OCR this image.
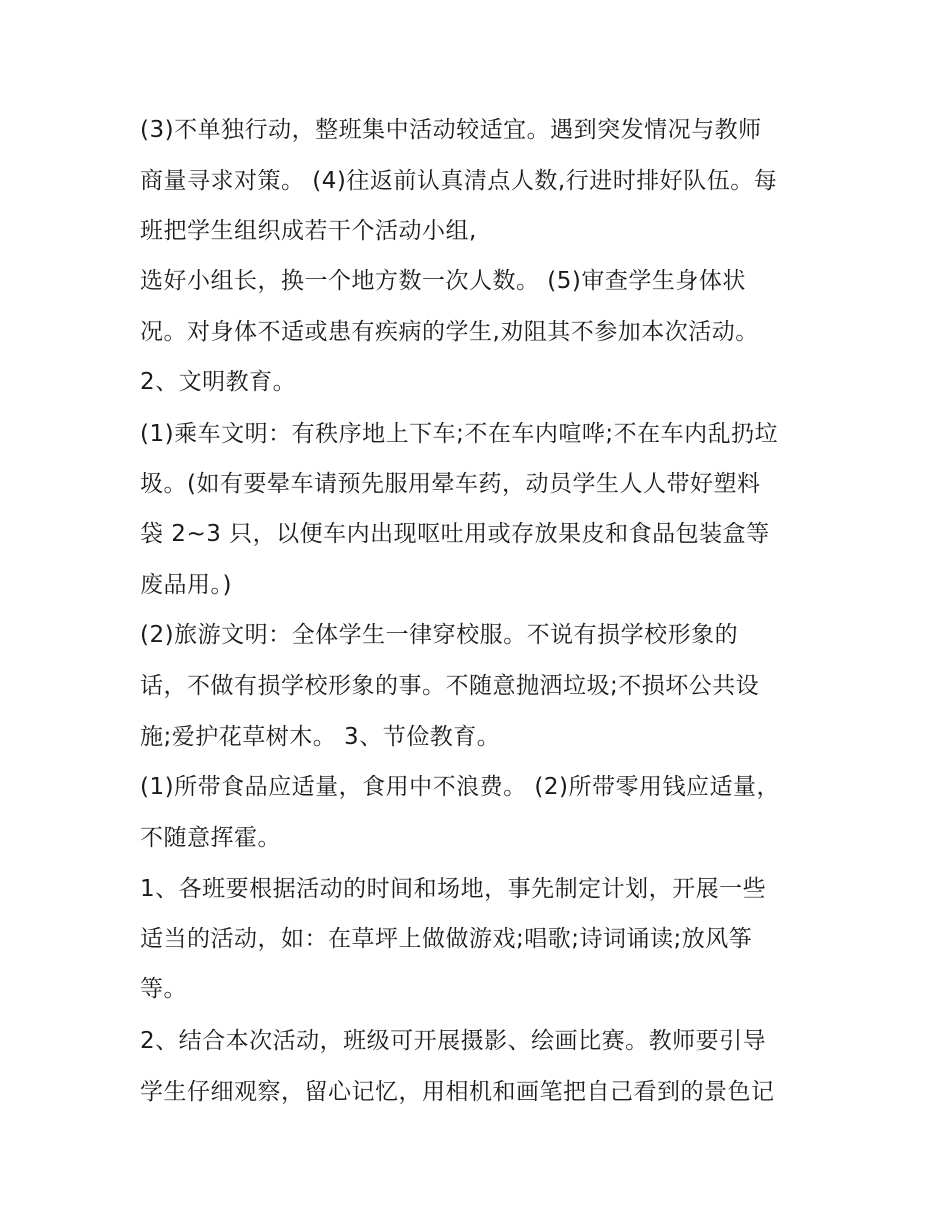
(3)不单独行动，整班集中活动较适宜。遇到突发情况与教师
商量寻求对策。 (4)往返前认真清点人数,行进时排好队伍。每
班把学生组织成若干个活动小组,
选好小组长，换一个地方数一次人数。 (5)审查学生身体状
况。对身体不适或患有疾病的学生,劝阻其不参加本次活动。
2、文明教育。
(1)乘车文明：有秩序地上下车;不在车内喧哗;不在车内乱扔垃
圾。(如有要晕车请预先服用晕车药，动员学生人人带好塑料
袋 2~3 只，以便车内出现呕吐用或存放果皮和食品包装盒等
废品用。)
(2)旅游文明：全体学生一律穿校服。不说有损学校形象的
话，不做有损学校形象的事。不随意抛洒垃圾;不损坏公共设
施;爱护花草树木。 3、节俭教育。
(1)所带食品应适量，食用中不浪费。 (2)所带零用钱应适量，
不随意挥霍。
1、各班要根据活动的时间和场地，事先制定计划，开展一些
适当的活动，如：在草坪上做做游戏;唱歌;诗词诵读;放风筝
等。
2、结合本次活动，班级可开展摄影、绘画比赛。教师要引导
学生仔细观察，留心记忆，用相机和画笔把自己看到的景色记
